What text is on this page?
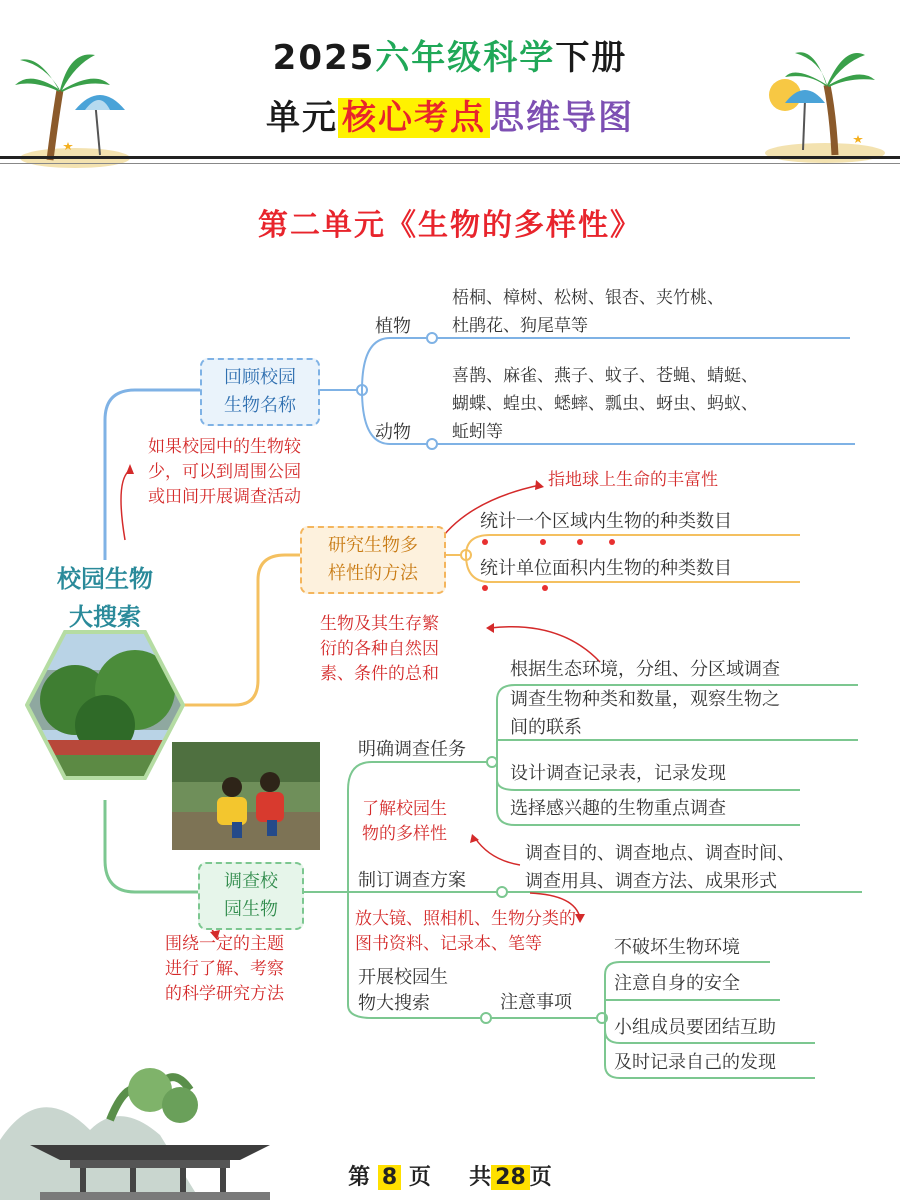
2025六年级科学下册
单元 核心考点 思维导图
第二单元《生物的多样性》
校园生物
大搜索
回顾校园
生物名称
植物
梧桐、樟树、松树、银杏、夹竹桃、
杜鹃花、狗尾草等
动物
喜鹊、麻雀、燕子、蚊子、苍蝇、蜻蜓、
蝴蝶、蝗虫、蟋蟀、瓢虫、蚜虫、蚂蚁、
蚯蚓等
如果校园中的生物较
少，可以到周围公园
或田间开展调查活动
研究生物多
样性的方法
指地球上生命的丰富性
统计一个区域内生物的种类数目
统计单位面积内生物的种类数目
调查校
园生物
生物及其生存繁
衍的各种自然因
素、条件的总和
明确调查任务
根据生态环境，分组、分区域调查
调查生物种类和数量，观察生物之
间的联系
设计调查记录表，记录发现
选择感兴趣的生物重点调查
了解校园生
物的多样性
制订调查方案
调查目的、调查地点、调查时间、
调查用具、调查方法、成果形式
放大镜、照相机、生物分类的
图书资料、记录本、笔等
开展校园生
物大搜索	注意事项
不破坏生物环境
注意自身的安全
小组成员要团结互助
及时记录自己的发现
围绕一定的主题
进行了解、考察
的科学研究方法
第 8 页 共 28 页
